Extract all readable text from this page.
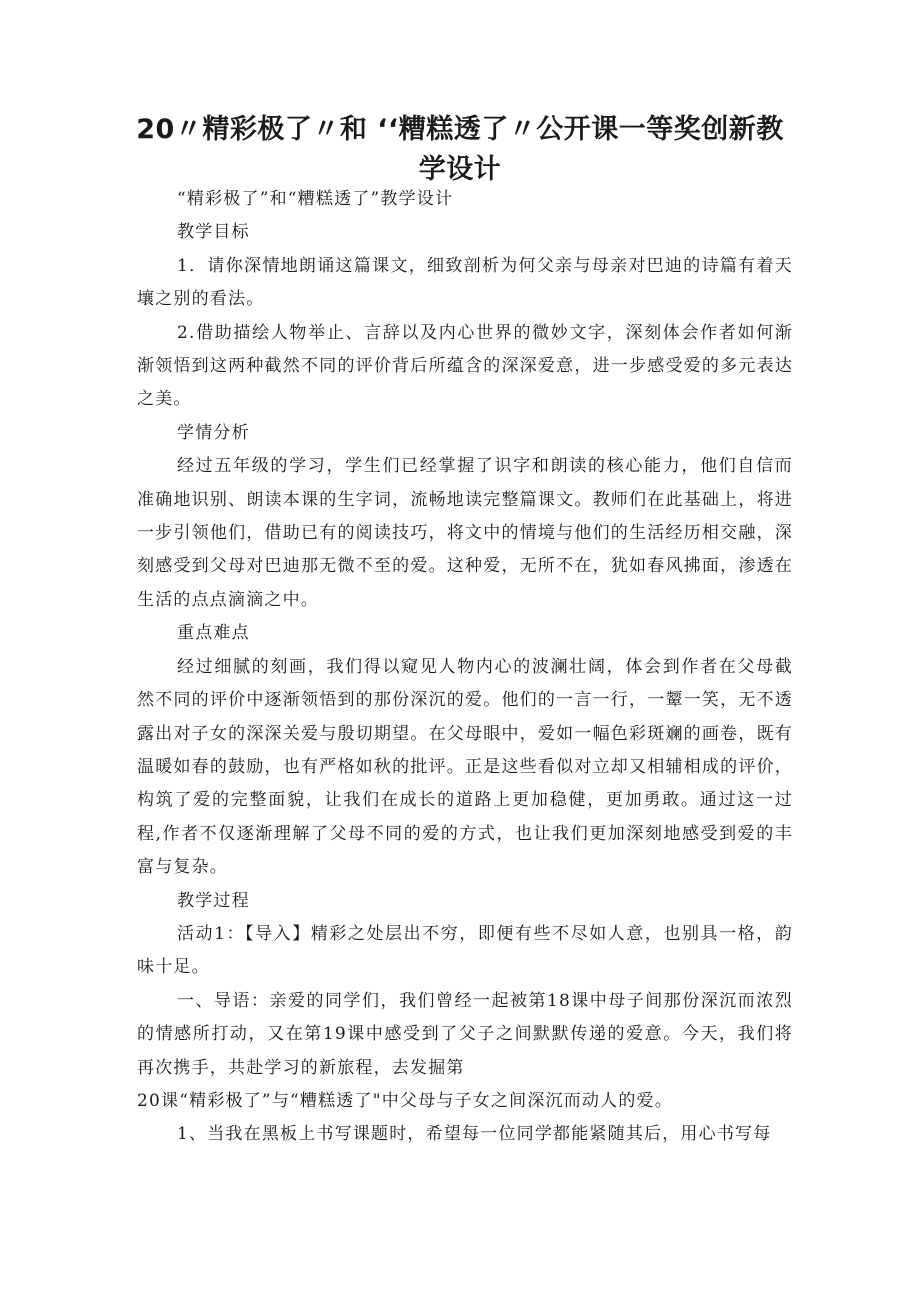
20〃精彩极了〃和 ‘‘糟糕透了〃公开课一等奖创新教
学设计

“精彩极了”和“糟糕透了”教学设计

教学目标

1．请你深情地朗诵这篇课文，细致剖析为何父亲与母亲对巴迪的诗篇有着天壤之别的看法。

2.借助描绘人物举止、言辞以及内心世界的微妙文字，深刻体会作者如何渐渐领悟到这两种截然不同的评价背后所蕴含的深深爱意，进一步感受爱的多元表达之美。

学情分析

经过五年级的学习，学生们已经掌握了识字和朗读的核心能力，他们自信而准确地识别、朗读本课的生字词，流畅地读完整篇课文。教师们在此基础上，将进一步引领他们，借助已有的阅读技巧，将文中的情境与他们的生活经历相交融，深刻感受到父母对巴迪那无微不至的爱。这种爱，无所不在，犹如春风拂面，渗透在生活的点点滴滴之中。

重点难点

经过细腻的刻画，我们得以窥见人物内心的波澜壮阔，体会到作者在父母截然不同的评价中逐渐领悟到的那份深沉的爱。他们的一言一行，一颦一笑，无不透露出对子女的深深关爱与殷切期望。在父母眼中，爱如一幅色彩斑斓的画卷，既有温暖如春的鼓励，也有严格如秋的批评。正是这些看似对立却又相辅相成的评价，构筑了爱的完整面貌，让我们在成长的道路上更加稳健，更加勇敢。通过这一过程,作者不仅逐渐理解了父母不同的爱的方式，也让我们更加深刻地感受到爱的丰富与复杂。

教学过程

活动1：【导入】精彩之处层出不穷，即便有些不尽如人意，也别具一格，韵味十足。

一、导语：亲爱的同学们，我们曾经一起被第18课中母子间那份深沉而浓烈的情感所打动，又在第19课中感受到了父子之间默默传递的爱意。今天，我们将再次携手，共赴学习的新旅程，去发掘第

20课“精彩极了”与“糟糕透了"中父母与子女之间深沉而动人的爱。

1、当我在黑板上书写课题时，希望每一位同学都能紧随其后，用心书写每
